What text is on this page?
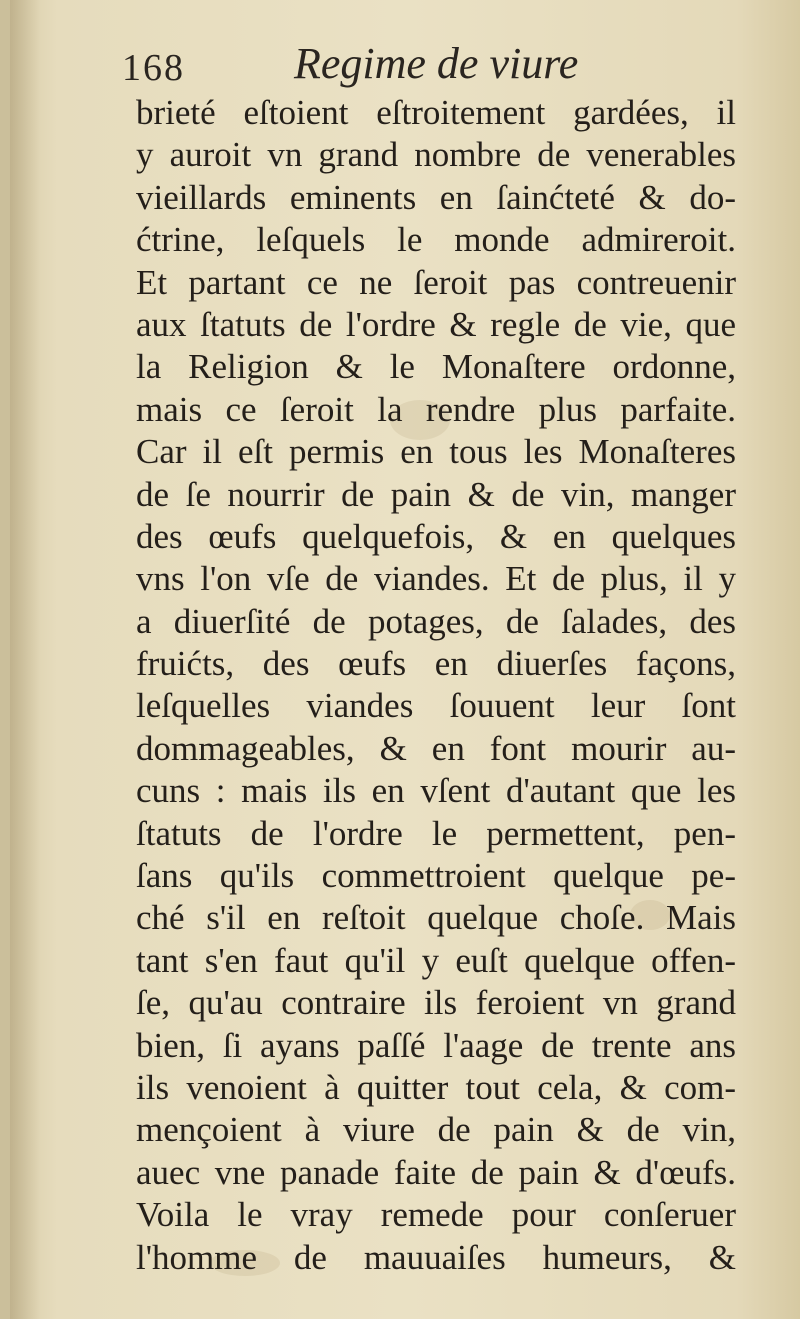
168 Regime de viure
brieté eſtoient eſtroitement gardées, il
y auroit vn grand nombre de venerables
vieillards eminents en ſainćteté & do-
ćtrine, leſquels le monde admireroit.
Et partant ce ne ſeroit pas contreuenir
aux ſtatuts de l'ordre & regle de vie, que
la Religion & le Monaſtere ordonne,
mais ce ſeroit la rendre plus parfaite.
Car il eſt permis en tous les Monaſteres
de ſe nourrir de pain & de vin, manger
des œufs quelquefois, & en quelques
vns l'on vſe de viandes. Et de plus, il y
a diuerſité de potages, de ſalades, des
fruićts, des œufs en diuerſes façons,
leſquelles viandes ſouuent leur ſont
dommageables, & en font mourir au-
cuns : mais ils en vſent d'autant que les
ſtatuts de l'ordre le permettent, pen-
ſans qu'ils commettroient quelque pe-
ché s'il en reſtoit quelque choſe. Mais
tant s'en faut qu'il y euſt quelque offen-
ſe, qu'au contraire ils feroient vn grand
bien, ſi ayans paſſé l'aage de trente ans
ils venoient à quitter tout cela, & com-
mençoient à viure de pain & de vin,
auec vne panade faite de pain & d'œufs.
Voila le vray remede pour conſeruer
l'homme de mauuaiſes humeurs, &
